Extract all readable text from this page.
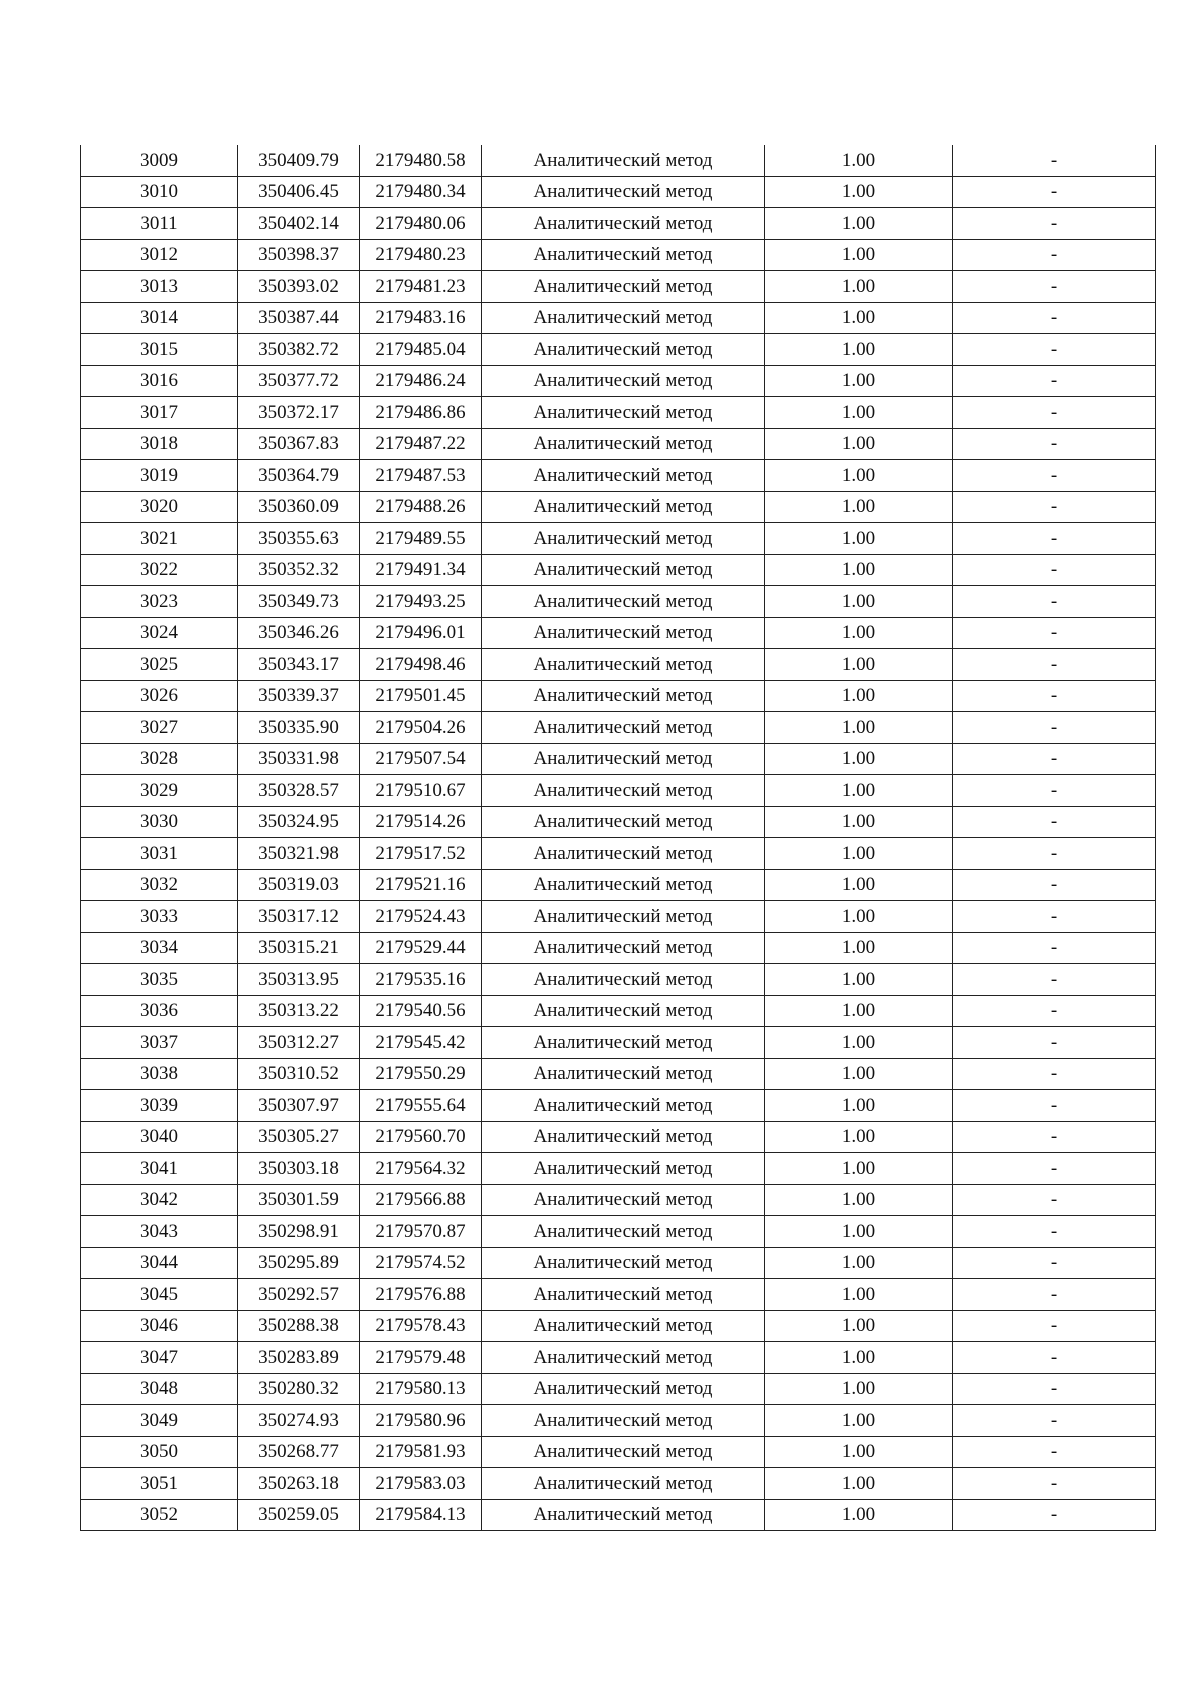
3009	350409.79	2179480.58	Аналитический метод	1.00	-
3010	350406.45	2179480.34	Аналитический метод	1.00	-
3011	350402.14	2179480.06	Аналитический метод	1.00	-
3012	350398.37	2179480.23	Аналитический метод	1.00	-
3013	350393.02	2179481.23	Аналитический метод	1.00	-
3014	350387.44	2179483.16	Аналитический метод	1.00	-
3015	350382.72	2179485.04	Аналитический метод	1.00	-
3016	350377.72	2179486.24	Аналитический метод	1.00	-
3017	350372.17	2179486.86	Аналитический метод	1.00	-
3018	350367.83	2179487.22	Аналитический метод	1.00	-
3019	350364.79	2179487.53	Аналитический метод	1.00	-
3020	350360.09	2179488.26	Аналитический метод	1.00	-
3021	350355.63	2179489.55	Аналитический метод	1.00	-
3022	350352.32	2179491.34	Аналитический метод	1.00	-
3023	350349.73	2179493.25	Аналитический метод	1.00	-
3024	350346.26	2179496.01	Аналитический метод	1.00	-
3025	350343.17	2179498.46	Аналитический метод	1.00	-
3026	350339.37	2179501.45	Аналитический метод	1.00	-
3027	350335.90	2179504.26	Аналитический метод	1.00	-
3028	350331.98	2179507.54	Аналитический метод	1.00	-
3029	350328.57	2179510.67	Аналитический метод	1.00	-
3030	350324.95	2179514.26	Аналитический метод	1.00	-
3031	350321.98	2179517.52	Аналитический метод	1.00	-
3032	350319.03	2179521.16	Аналитический метод	1.00	-
3033	350317.12	2179524.43	Аналитический метод	1.00	-
3034	350315.21	2179529.44	Аналитический метод	1.00	-
3035	350313.95	2179535.16	Аналитический метод	1.00	-
3036	350313.22	2179540.56	Аналитический метод	1.00	-
3037	350312.27	2179545.42	Аналитический метод	1.00	-
3038	350310.52	2179550.29	Аналитический метод	1.00	-
3039	350307.97	2179555.64	Аналитический метод	1.00	-
3040	350305.27	2179560.70	Аналитический метод	1.00	-
3041	350303.18	2179564.32	Аналитический метод	1.00	-
3042	350301.59	2179566.88	Аналитический метод	1.00	-
3043	350298.91	2179570.87	Аналитический метод	1.00	-
3044	350295.89	2179574.52	Аналитический метод	1.00	-
3045	350292.57	2179576.88	Аналитический метод	1.00	-
3046	350288.38	2179578.43	Аналитический метод	1.00	-
3047	350283.89	2179579.48	Аналитический метод	1.00	-
3048	350280.32	2179580.13	Аналитический метод	1.00	-
3049	350274.93	2179580.96	Аналитический метод	1.00	-
3050	350268.77	2179581.93	Аналитический метод	1.00	-
3051	350263.18	2179583.03	Аналитический метод	1.00	-
3052	350259.05	2179584.13	Аналитический метод	1.00	-
